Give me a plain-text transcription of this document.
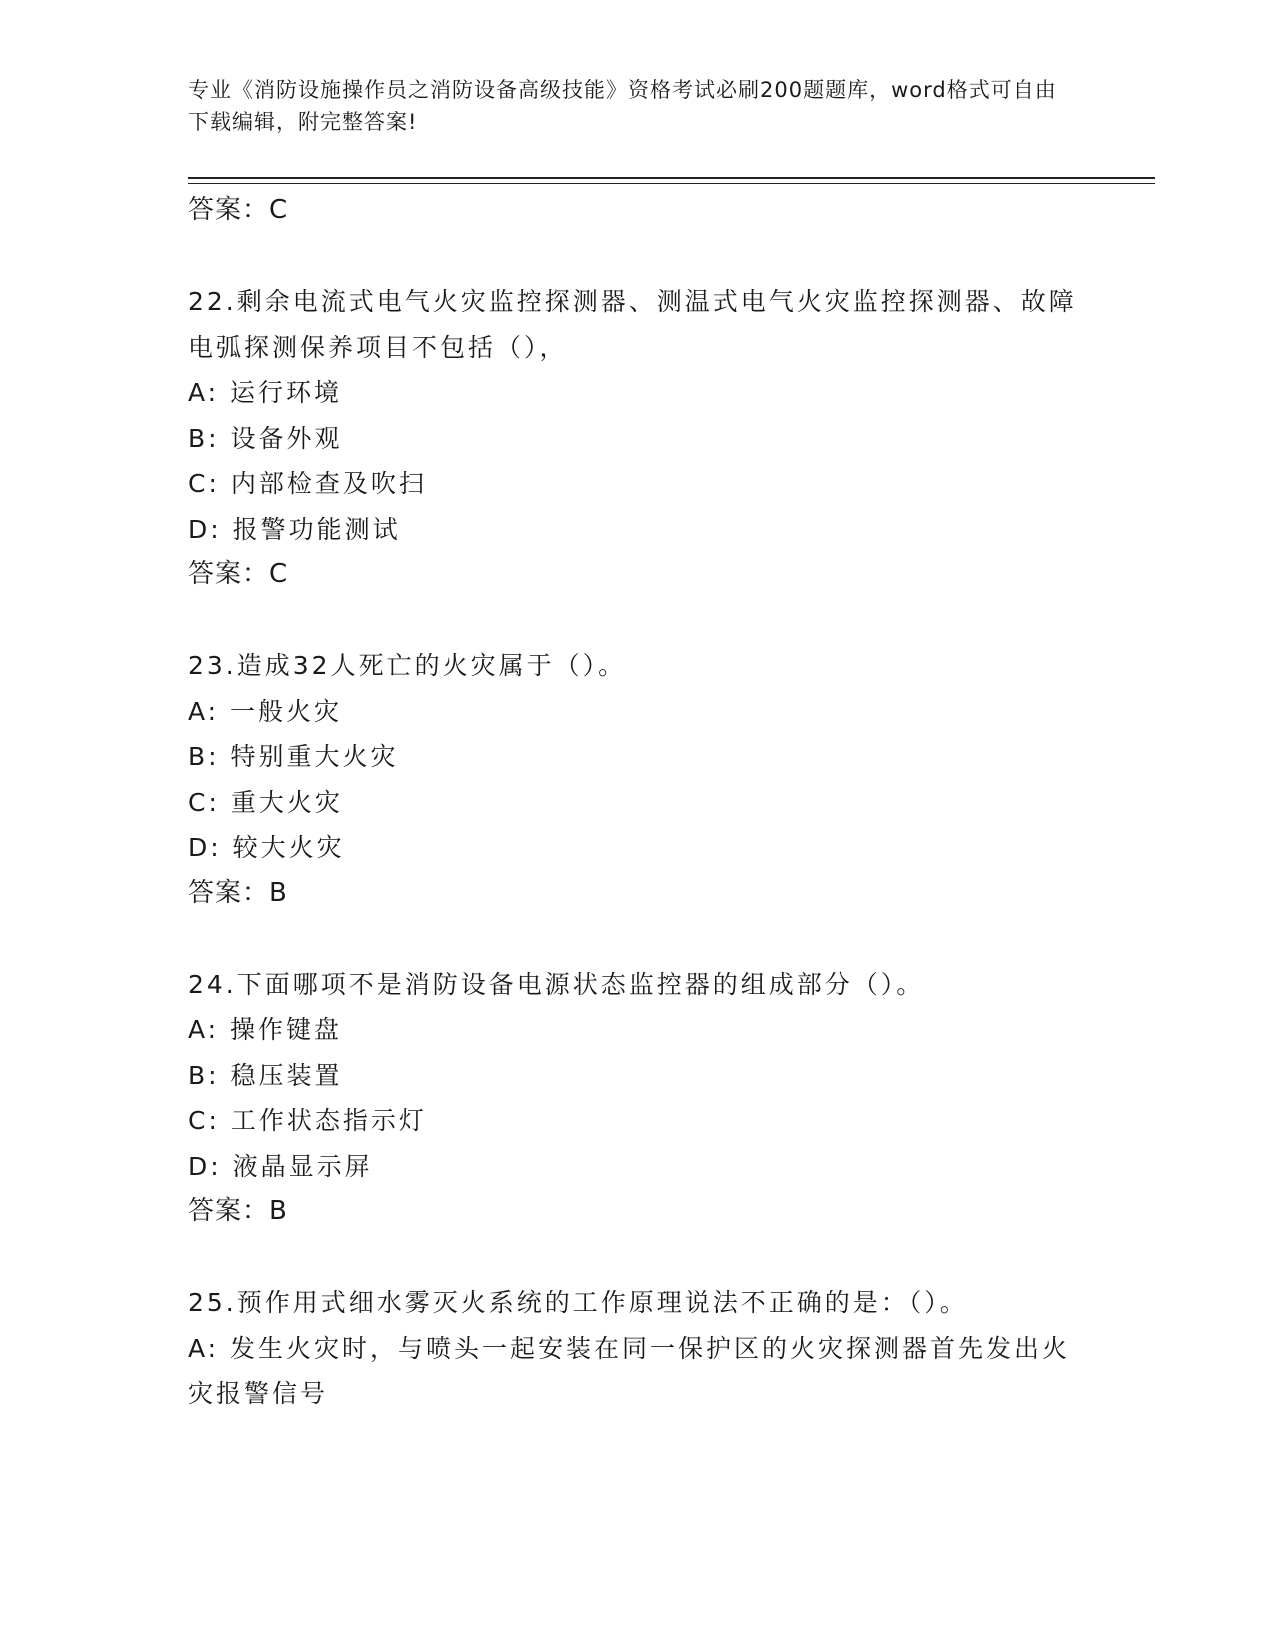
专业《消防设施操作员之消防设备高级技能》资格考试必刷200题题库，word格式可自由下载编辑，附完整答案!
答案：C
22.剩余电流式电气火灾监控探测器、测温式电气火灾监控探测器、故障电弧探测保养项目不包括（），
A: 运行环境
B: 设备外观
C: 内部检查及吹扫
D: 报警功能测试
答案：C
23.造成32人死亡的火灾属于（）。
A: 一般火灾
B: 特别重大火灾
C: 重大火灾
D: 较大火灾
答案：B
24.下面哪项不是消防设备电源状态监控器的组成部分（）。
A: 操作键盘
B: 稳压装置
C: 工作状态指示灯
D: 液晶显示屏
答案：B
25.预作用式细水雾灭火系统的工作原理说法不正确的是：（）。
A: 发生火灾时，与喷头一起安装在同一保护区的火灾探测器首先发出火灾报警信号
